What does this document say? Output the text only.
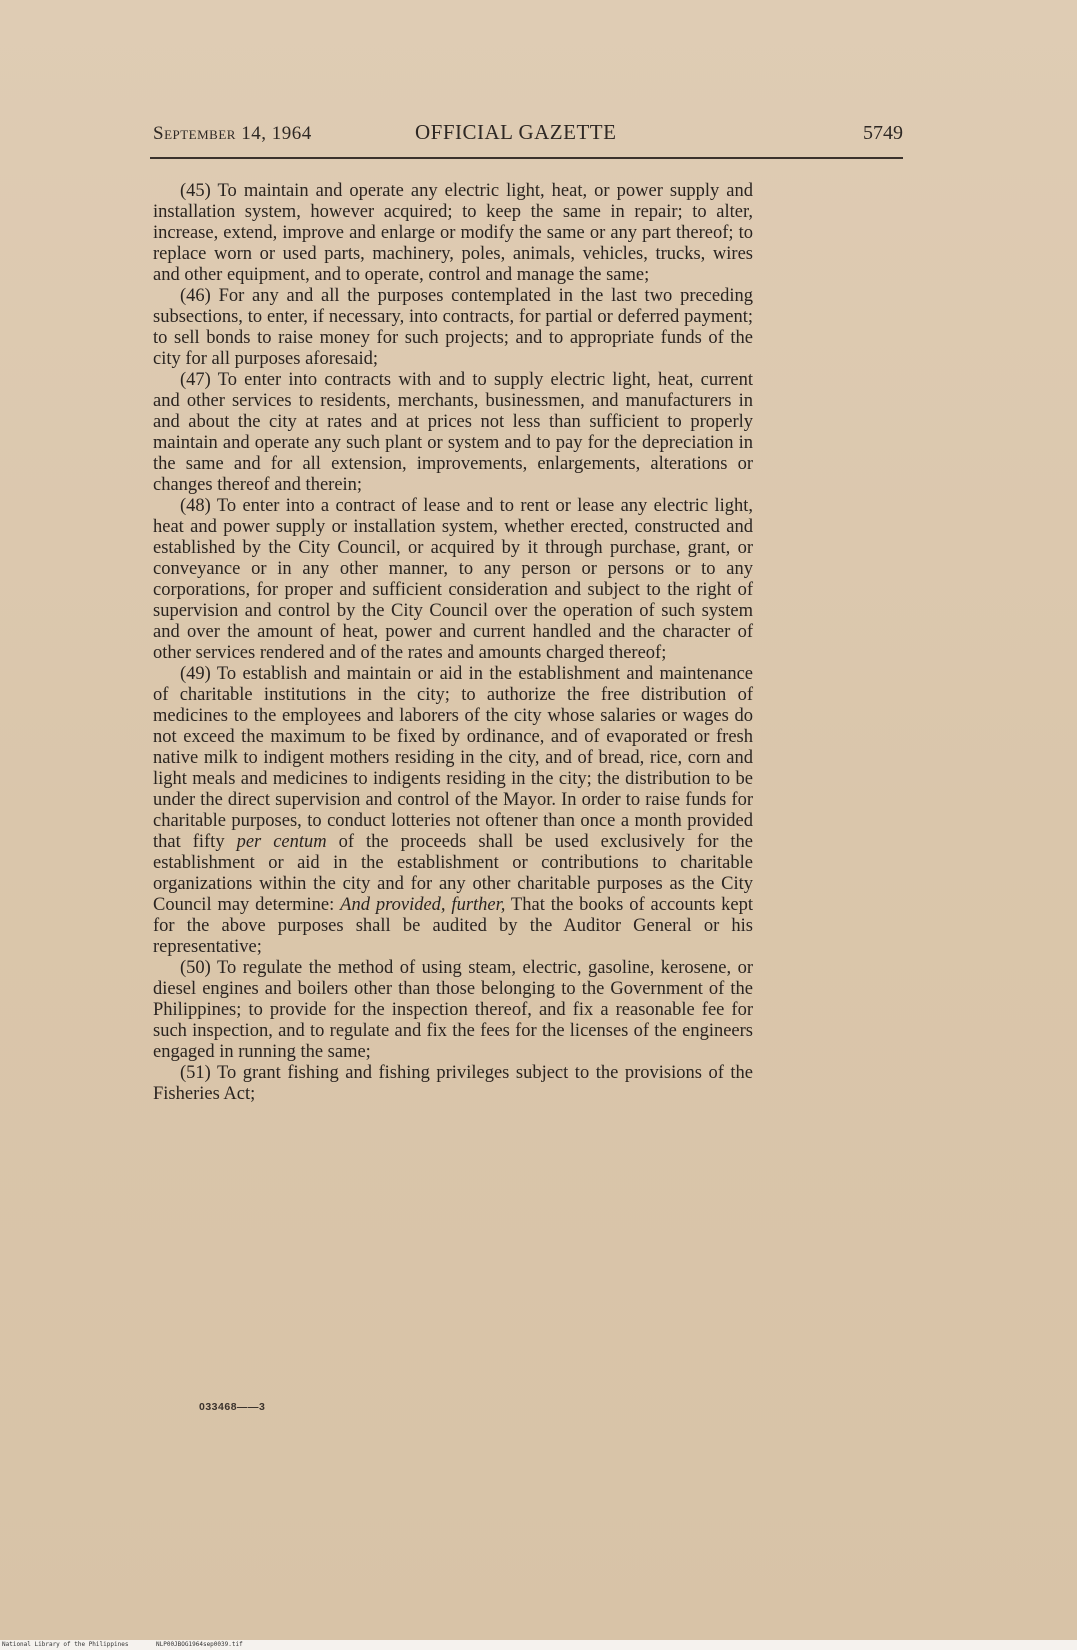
September 14, 1964	OFFICIAL GAZETTE	5749

(45) To maintain and operate any electric light, heat, or power supply and installation system, however acquired; to keep the same in repair; to alter, increase, extend, improve and enlarge or modify the same or any part thereof; to replace worn or used parts, machinery, poles, animals, vehicles, trucks, wires and other equipment, and to operate, control and manage the same;

(46) For any and all the purposes contemplated in the last two preceding subsections, to enter, if necessary, into contracts, for partial or deferred payment; to sell bonds to raise money for such projects; and to appropriate funds of the city for all purposes aforesaid;

(47) To enter into contracts with and to supply electric light, heat, current and other services to residents, merchants, businessmen, and manufacturers in and about the city at rates and at prices not less than sufficient to properly maintain and operate any such plant or system and to pay for the depreciation in the same and for all extension, improvements, enlargements, alterations or changes thereof and therein;

(48) To enter into a contract of lease and to rent or lease any electric light, heat and power supply or installation system, whether erected, constructed and established by the City Council, or acquired by it through purchase, grant, or conveyance or in any other manner, to any person or persons or to any corporations, for proper and sufficient consideration and subject to the right of supervision and control by the City Council over the operation of such system and over the amount of heat, power and current handled and the character of other services rendered and of the rates and amounts charged thereof;

(49) To establish and maintain or aid in the establishment and maintenance of charitable institutions in the city; to authorize the free distribution of medicines to the employees and laborers of the city whose salaries or wages do not exceed the maximum to be fixed by ordinance, and of evaporated or fresh native milk to indigent mothers residing in the city, and of bread, rice, corn and light meals and medicines to indigents residing in the city; the distribution to be under the direct supervision and control of the Mayor. In order to raise funds for charitable purposes, to conduct lotteries not oftener than once a month provided that fifty per centum of the proceeds shall be used exclusively for the establishment or aid in the establishment or contributions to charitable organizations within the city and for any other charitable purposes as the City Council may determine: And provided, further, That the books of accounts kept for the above purposes shall be audited by the Auditor General or his representative;

(50) To regulate the method of using steam, electric, gasoline, kerosene, or diesel engines and boilers other than those belonging to the Government of the Philippines; to provide for the inspection thereof, and fix a reasonable fee for such inspection, and to regulate and fix the fees for the licenses of the engineers engaged in running the same;

(51) To grant fishing and fishing privileges subject to the provisions of the Fisheries Act;

033468——3
National Library of the Philippines	NLP00JBOG1964sep0039.tif
